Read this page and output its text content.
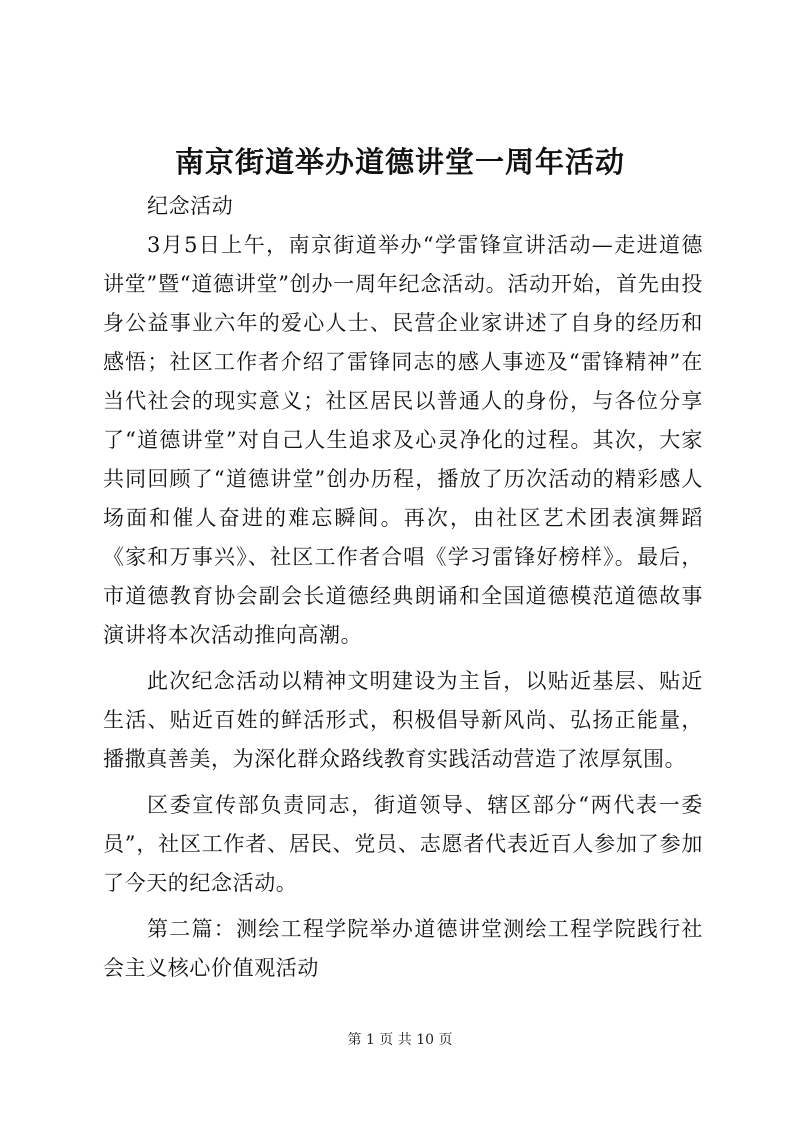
南京街道举办道德讲堂一周年活动

纪念活动

3月5日上午，南京街道举办“学雷锋宣讲活动—走进道德讲堂”暨“道德讲堂”创办一周年纪念活动。活动开始，首先由投身公益事业六年的爱心人士、民营企业家讲述了自身的经历和感悟；社区工作者介绍了雷锋同志的感人事迹及“雷锋精神”在当代社会的现实意义；社区居民以普通人的身份，与各位分享了“道德讲堂”对自己人生追求及心灵净化的过程。其次，大家共同回顾了“道德讲堂”创办历程，播放了历次活动的精彩感人场面和催人奋进的难忘瞬间。再次，由社区艺术团表演舞蹈《家和万事兴》、社区工作者合唱《学习雷锋好榜样》。最后，市道德教育协会副会长道德经典朗诵和全国道德模范道德故事演讲将本次活动推向高潮。

此次纪念活动以精神文明建设为主旨，以贴近基层、贴近生活、贴近百姓的鲜活形式，积极倡导新风尚、弘扬正能量，播撒真善美，为深化群众路线教育实践活动营造了浓厚氛围。

区委宣传部负责同志，街道领导、辖区部分“两代表一委员”，社区工作者、居民、党员、志愿者代表近百人参加了参加了今天的纪念活动。

第二篇：测绘工程学院举办道德讲堂测绘工程学院践行社会主义核心价值观活动

第 1 页 共 10 页
